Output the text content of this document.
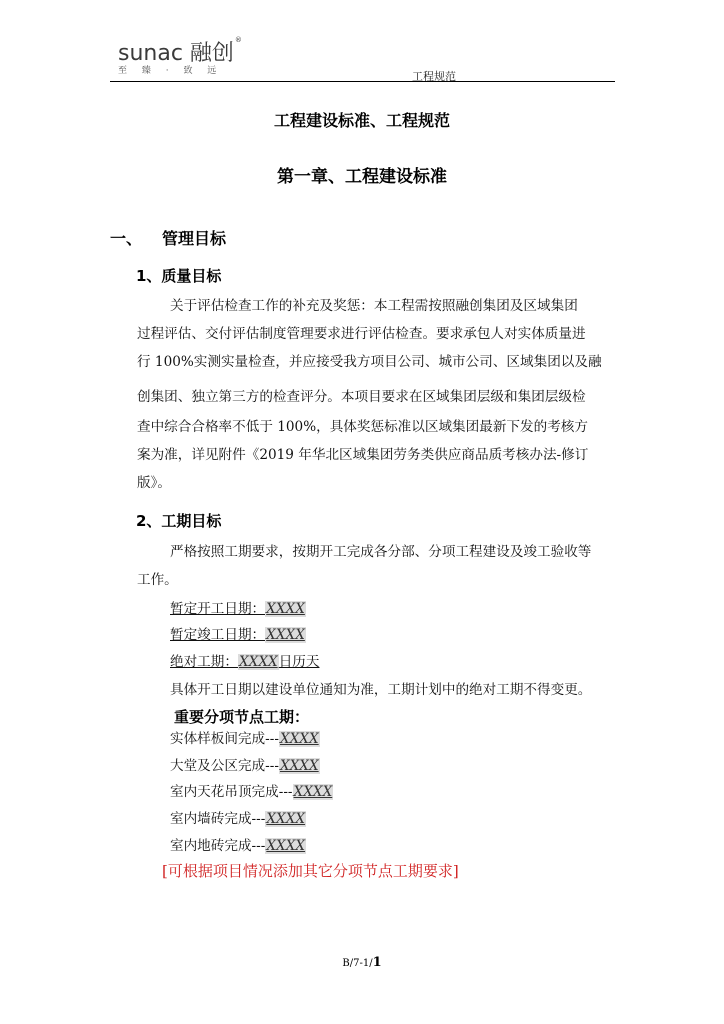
sunac 融创®
至 臻 · 致 远	工程规范
工程建设标准、工程规范
第一章、工程建设标准
一、 管理目标
1、质量目标
关于评估检查工作的补充及奖惩：本工程需按照融创集团及区域集团
过程评估、交付评估制度管理要求进行评估检查。要求承包人对实体质量进
行 100%实测实量检查，并应接受我方项目公司、城市公司、区域集团以及融
创集团、独立第三方的检查评分。本项目要求在区域集团层级和集团层级检
查中综合合格率不低于 100%，具体奖惩标准以区域集团最新下发的考核方
案为准，详见附件《2019 年华北区域集团劳务类供应商品质考核办法-修订
版》。
2、工期目标
严格按照工期要求，按期开工完成各分部、分项工程建设及竣工验收等
工作。
暂定开工日期：XXXX
暂定竣工日期：XXXX
绝对工期：XXXX日历天
具体开工日期以建设单位通知为准，工期计划中的绝对工期不得变更。
重要分项节点工期：
实体样板间完成---XXXX
大堂及公区完成---XXXX
室内天花吊顶完成---XXXX
室内墙砖完成---XXXX
室内地砖完成---XXXX
[可根据项目情况添加其它分项节点工期要求]
B/7-1/1
